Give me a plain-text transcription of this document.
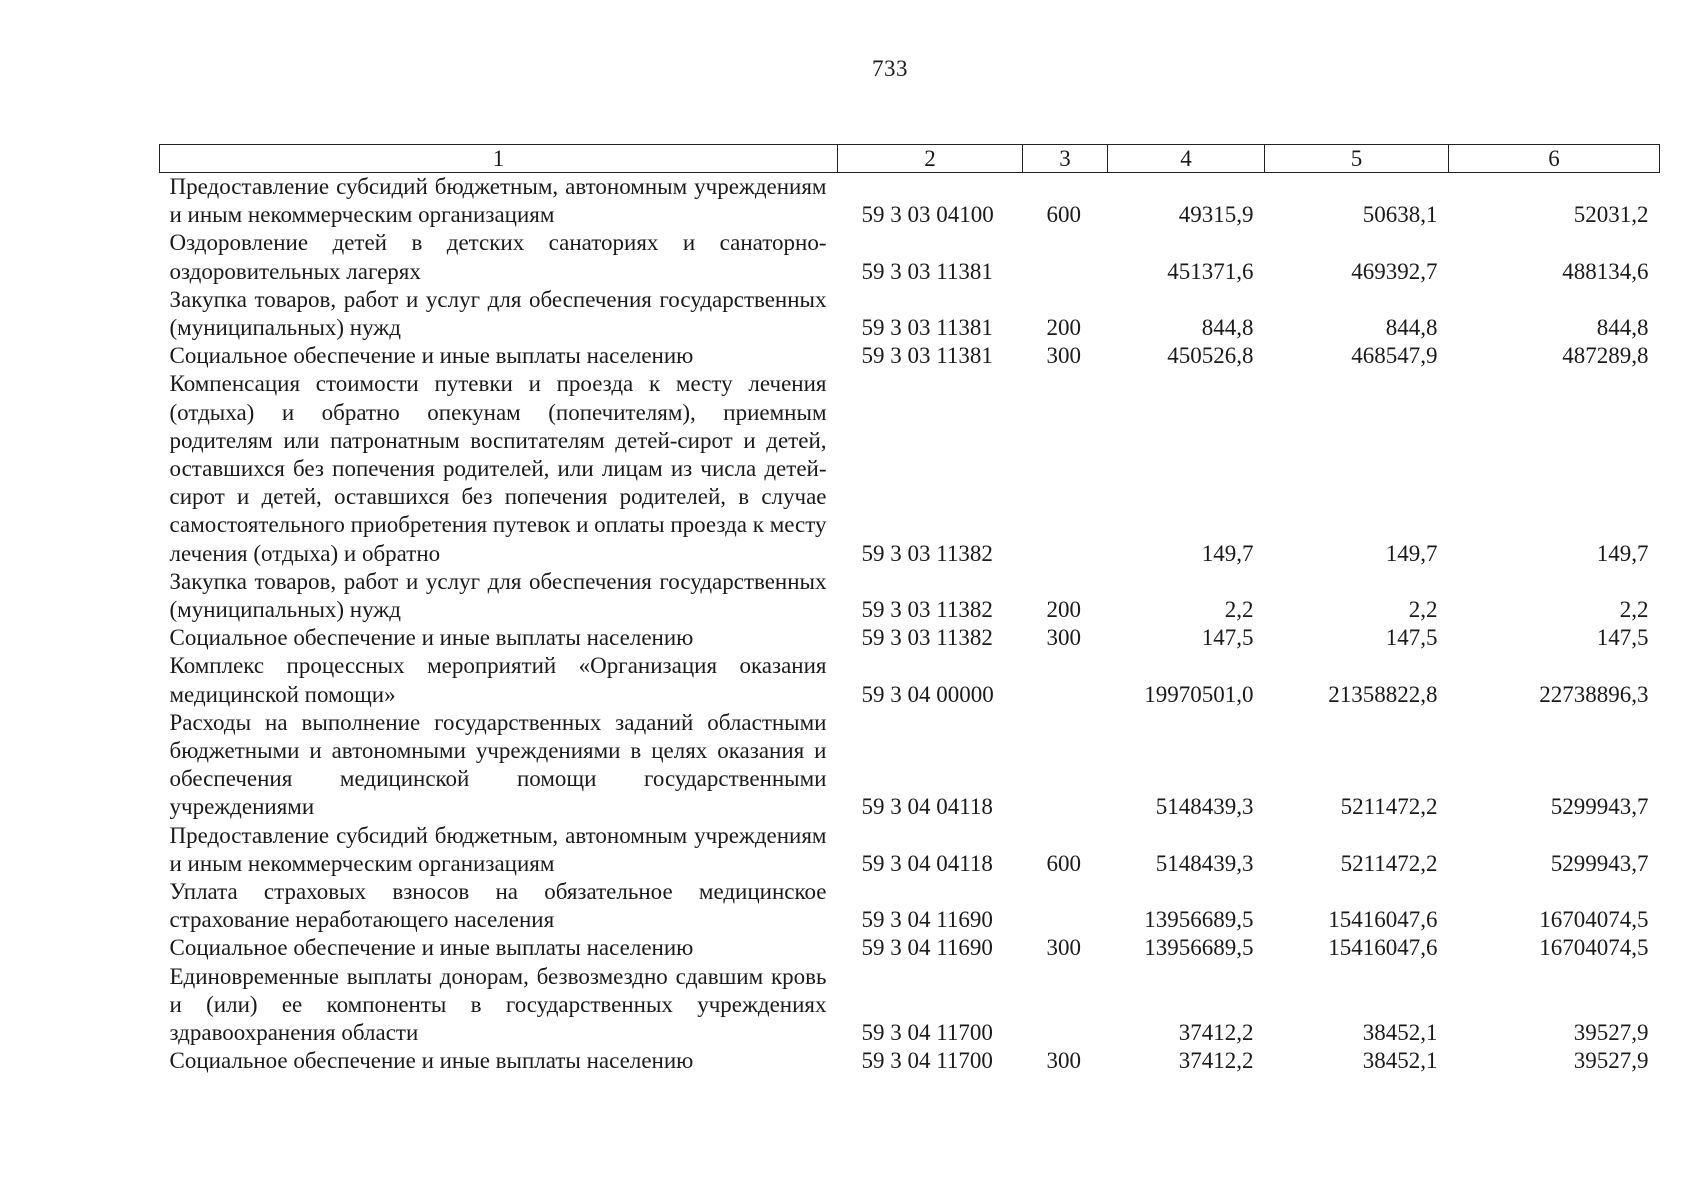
733
1	2	3	4	5	6
Предоставление субсидий бюджетным, автономным учреждениям и иным некоммерческим организациям	59 3 03 04100	600	49315,9	50638,1	52031,2
Оздоровление детей в детских санаториях и санаторно-оздоровительных лагерях	59 3 03 11381		451371,6	469392,7	488134,6
Закупка товаров, работ и услуг для обеспечения государственных (муниципальных) нужд	59 3 03 11381	200	844,8	844,8	844,8
Социальное обеспечение и иные выплаты населению	59 3 03 11381	300	450526,8	468547,9	487289,8
Компенсация стоимости путевки и проезда к месту лечения (отдыха) и обратно опекунам (попечителям), приемным родителям или патронатным воспитателям детей-сирот и детей, оставшихся без попечения родителей, или лицам из числа детей-сирот и детей, оставшихся без попечения родителей, в случае самостоятельного приобретения путевок и оплаты проезда к месту лечения (отдыха) и обратно	59 3 03 11382		149,7	149,7	149,7
Закупка товаров, работ и услуг для обеспечения государственных (муниципальных) нужд	59 3 03 11382	200	2,2	2,2	2,2
Социальное обеспечение и иные выплаты населению	59 3 03 11382	300	147,5	147,5	147,5
Комплекс процессных мероприятий «Организация оказания медицинской помощи»	59 3 04 00000		19970501,0	21358822,8	22738896,3
Расходы на выполнение государственных заданий областными бюджетными и автономными учреждениями в целях оказания и обеспечения медицинской помощи государственными учреждениями	59 3 04 04118		5148439,3	5211472,2	5299943,7
Предоставление субсидий бюджетным, автономным учреждениям и иным некоммерческим организациям	59 3 04 04118	600	5148439,3	5211472,2	5299943,7
Уплата страховых взносов на обязательное медицинское страхование неработающего населения	59 3 04 11690		13956689,5	15416047,6	16704074,5
Социальное обеспечение и иные выплаты населению	59 3 04 11690	300	13956689,5	15416047,6	16704074,5
Единовременные выплаты донорам, безвозмездно сдавшим кровь и (или) ее компоненты в государственных учреждениях здравоохранения области	59 3 04 11700		37412,2	38452,1	39527,9
Социальное обеспечение и иные выплаты населению	59 3 04 11700	300	37412,2	38452,1	39527,9
